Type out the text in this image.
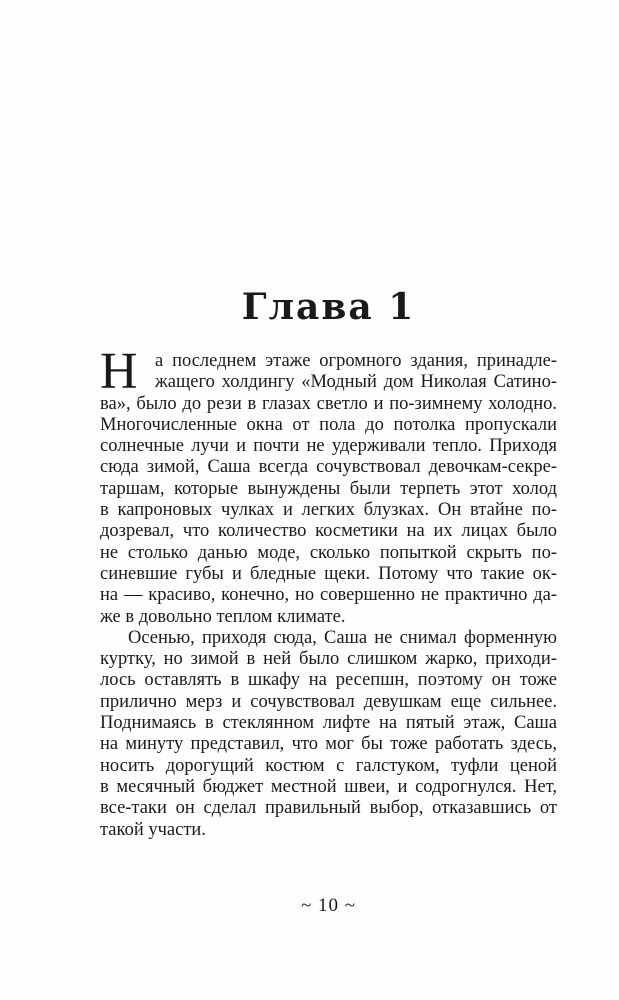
Глава 1
Н а последнем этаже огромного здания, принадле-
жащего холдингу «Модный дом Николая Сатино-
ва», было до рези в глазах светло и по-зимнему холодно.
Многочисленные окна от пола до потолка пропускали
солнечные лучи и почти не удерживали тепло. Приходя
сюда зимой, Саша всегда сочувствовал девочкам-секре-
таршам, которые вынуждены были терпеть этот холод
в капроновых чулках и легких блузках. Он втайне по-
дозревал, что количество косметики на их лицах было
не столько данью моде, сколько попыткой скрыть по-
синевшие губы и бледные щеки. Потому что такие ок-
на — красиво, конечно, но совершенно не практично да-
же в довольно теплом климате.
Осенью, приходя сюда, Саша не снимал форменную
куртку, но зимой в ней было слишком жарко, приходи-
лось оставлять в шкафу на ресепшн, поэтому он тоже
прилично мерз и сочувствовал девушкам еще сильнее.
Поднимаясь в стеклянном лифте на пятый этаж, Саша
на минуту представил, что мог бы тоже работать здесь,
носить дорогущий костюм с галстуком, туфли ценой
в месячный бюджет местной швеи, и содрогнулся. Нет,
все-таки он сделал правильный выбор, отказавшись от
такой участи.
~ 10 ~
